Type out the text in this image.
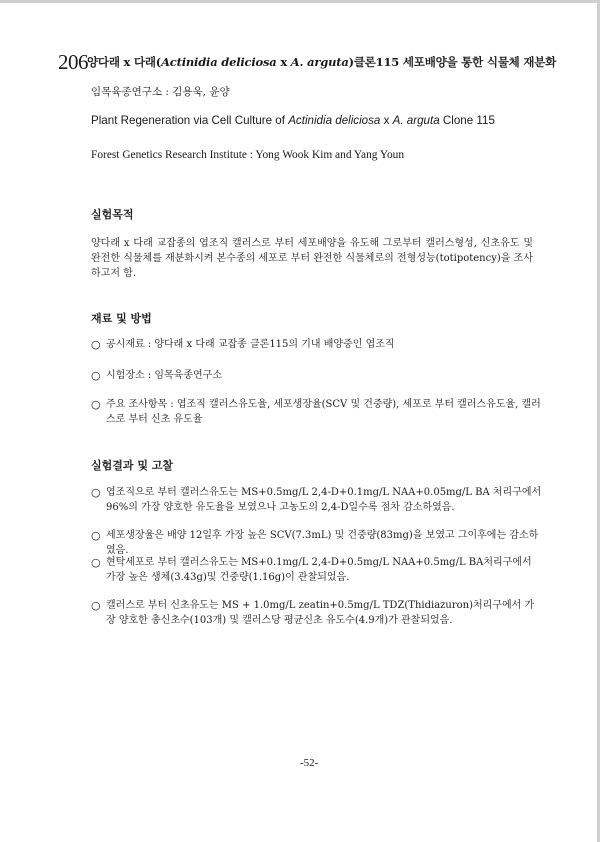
206 양다래 x 다래(Actinidia deliciosa x A. arguta)클론115 세포배양을 통한 식물체 재분화
임목육종연구소 : 김용욱, 윤양
Plant Regeneration via Cell Culture of Actinidia deliciosa x A. arguta Clone 115
Forest Genetics Research Institute : Yong Wook Kim and Yang Youn
실험목적
양다래 x 다래 교잡종의 엽조직 캘러스로 부터 세포배양을 유도해 그로부터 캘러스형성, 신초유도 및 완전한 식물체를 재분화시켜 본수종의 세포로 부터 완전한 식물체로의 전형성능(totipotency)을 조사하고저 함.
재료 및 방법
○ 공시재료 : 양다래 x 다래 교잡종 클론115의 기내 배양중인 엽조직
○ 시험장소 : 임목육종연구소
○ 주요 조사항목 : 엽조직 캘러스유도율, 세포생장율(SCV 및 건중량), 세포로 부터 캘러스유도율, 캘러스로 부터 신초 유도율
실험결과 및 고찰
○ 엽조직으로 부터 캘러스유도는 MS+0.5mg/L 2,4-D+0.1mg/L NAA+0.05mg/L BA 처리구에서 96%의 가장 양호한 유도율을 보였으나 고농도의 2,4-D일수록 점차 감소하였음.
○ 세포생장율은 배양 12일후 가장 높은 SCV(7.3mL) 및 건중량(83mg)을 보였고 그이후에는 감소하였음.
○ 현탁세포로 부터 캘러스유도는 MS+0.1mg/L 2,4-D+0.5mg/L NAA+0.5mg/L BA처리구에서 가장 높은 생체(3.43g)및 건중량(1.16g)이 관찰되었음.
○ 캘러스로 부터 신초유도는 MS + 1.0mg/L zeatin+0.5mg/L TDZ(Thidiazuron)처리구에서 가장 양호한 총신초수(103개) 및 캘러스당 평균신초 유도수(4.9개)가 관찰되었음.
-52-
